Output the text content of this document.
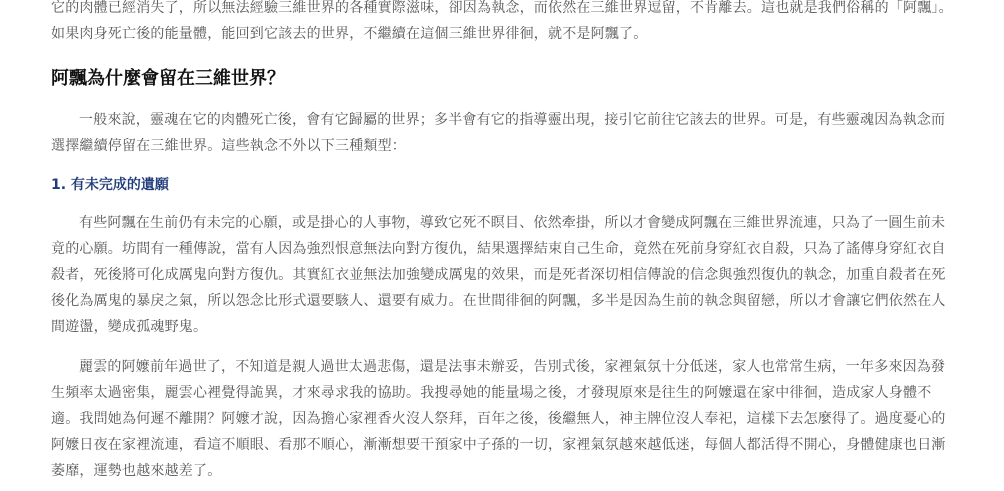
它的肉體已經消失了，所以無法經驗三維世界的各種實際滋味，卻因為執念，而依然在三維世界逗留，不肯離去。這也就是我們俗稱的「阿飄」。如果肉身死亡後的能量體，能回到它該去的世界，不繼續在這個三維世界徘徊，就不是阿飄了。

阿飄為什麼會留在三維世界？

一般來說，靈魂在它的肉體死亡後，會有它歸屬的世界；多半會有它的指導靈出現，接引它前往它該去的世界。可是，有些靈魂因為執念而選擇繼續停留在三維世界。這些執念不外以下三種類型：

1. 有未完成的遺願

有些阿飄在生前仍有未完的心願，或是掛心的人事物，導致它死不瞑目、依然牽掛，所以才會變成阿飄在三維世界流連，只為了一圓生前未竟的心願。坊間有一種傳說，當有人因為強烈恨意無法向對方復仇，結果選擇結束自己生命，竟然在死前身穿紅衣自殺，只為了謠傳身穿紅衣自殺者，死後將可化成厲鬼向對方復仇。其實紅衣並無法加強變成厲鬼的效果，而是死者深切相信傳說的信念與強烈復仇的執念，加重自殺者在死後化為厲鬼的暴戾之氣，所以怨念比形式還要駭人、還要有威力。在世間徘徊的阿飄，多半是因為生前的執念與留戀，所以才會讓它們依然在人間遊盪，變成孤魂野鬼。

麗雲的阿嬤前年過世了，不知道是親人過世太過悲傷，還是法事未辦妥，告別式後，家裡氣氛十分低迷，家人也常常生病，一年多來因為發生頻率太過密集，麗雲心裡覺得詭異，才來尋求我的協助。我搜尋她的能量場之後，才發現原來是往生的阿嬤還在家中徘徊，造成家人身體不適。我問她為何遲不離開？阿嬤才說，因為擔心家裡香火沒人祭拜，百年之後，後繼無人，神主牌位沒人奉祀，這樣下去怎麼得了。過度憂心的阿嬤日夜在家裡流連，看這不順眼、看那不順心，漸漸想要干預家中子孫的一切，家裡氣氛越來越低迷，每個人都活得不開心，身體健康也日漸萎靡，運勢也越來越差了。
